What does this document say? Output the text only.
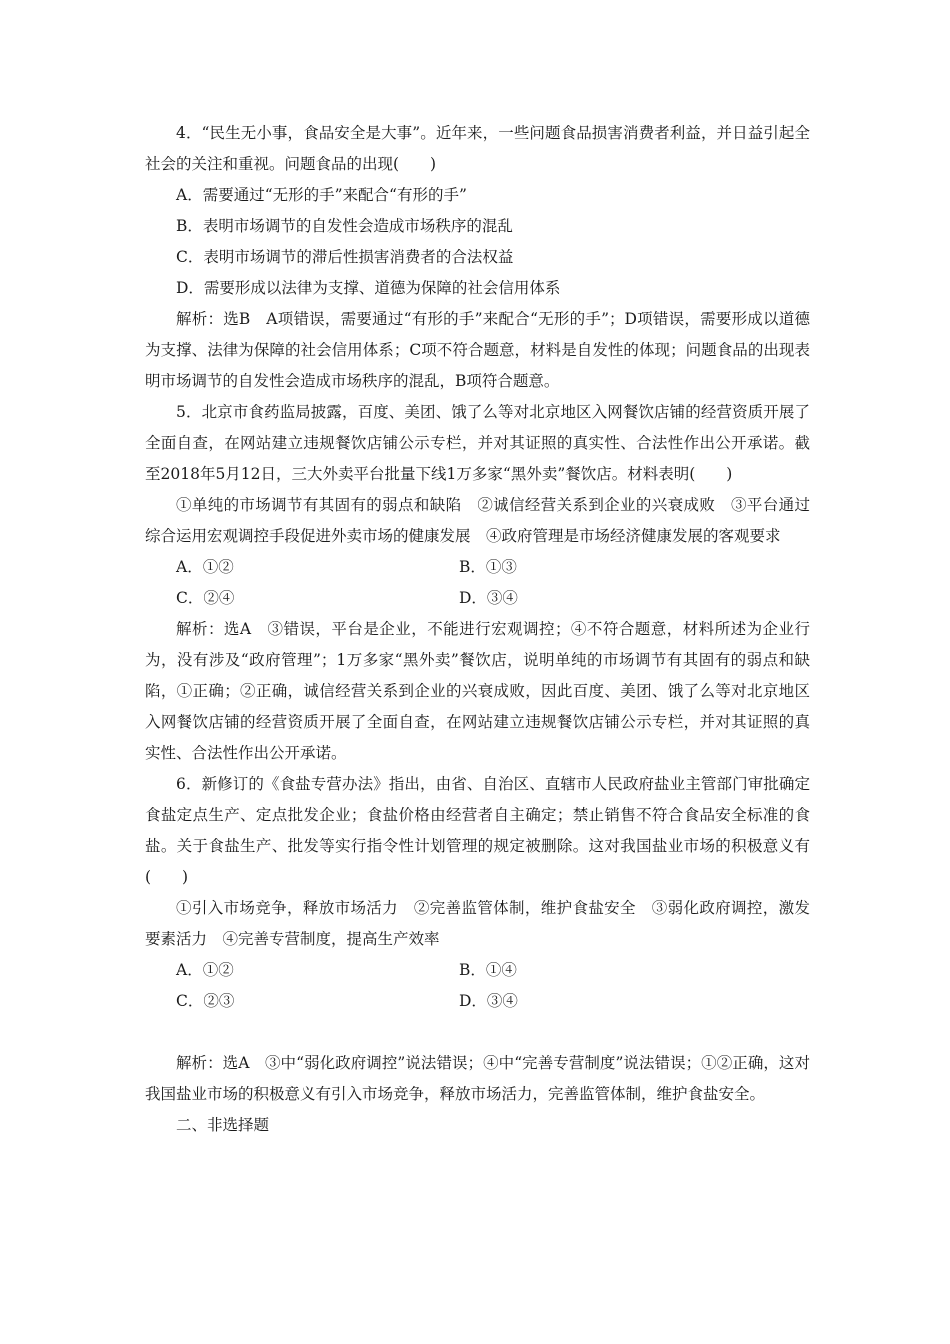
4．“民生无小事，食品安全是大事”。近年来，一些问题食品损害消费者利益，并日益引起全社会的关注和重视。问题食品的出现(　　)

A．需要通过“无形的手”来配合“有形的手”

B．表明市场调节的自发性会造成市场秩序的混乱

C．表明市场调节的滞后性损害消费者的合法权益

D．需要形成以法律为支撑、道德为保障的社会信用体系

解析：选B　A项错误，需要通过“有形的手”来配合“无形的手”；D项错误，需要形成以道德为支撑、法律为保障的社会信用体系；C项不符合题意，材料是自发性的体现；问题食品的出现表明市场调节的自发性会造成市场秩序的混乱，B项符合题意。

5．北京市食药监局披露，百度、美团、饿了么等对北京地区入网餐饮店铺的经营资质开展了全面自查，在网站建立违规餐饮店铺公示专栏，并对其证照的真实性、合法性作出公开承诺。截至2018年5月12日，三大外卖平台批量下线1万多家“黑外卖”餐饮店。材料表明(　　)

①单纯的市场调节有其固有的弱点和缺陷　②诚信经营关系到企业的兴衰成败　③平台通过综合运用宏观调控手段促进外卖市场的健康发展　④政府管理是市场经济健康发展的客观要求

A．①②	B．①③
C．②④	D．③④

解析：选A　③错误，平台是企业，不能进行宏观调控；④不符合题意，材料所述为企业行为，没有涉及“政府管理”；1万多家“黑外卖”餐饮店，说明单纯的市场调节有其固有的弱点和缺陷，①正确；②正确，诚信经营关系到企业的兴衰成败，因此百度、美团、饿了么等对北京地区入网餐饮店铺的经营资质开展了全面自查，在网站建立违规餐饮店铺公示专栏，并对其证照的真实性、合法性作出公开承诺。

6．新修订的《食盐专营办法》指出，由省、自治区、直辖市人民政府盐业主管部门审批确定食盐定点生产、定点批发企业；食盐价格由经营者自主确定；禁止销售不符合食品安全标准的食盐。关于食盐生产、批发等实行指令性计划管理的规定被删除。这对我国盐业市场的积极意义有(　　)

①引入市场竞争，释放市场活力　②完善监管体制，维护食盐安全　③弱化政府调控，激发要素活力　④完善专营制度，提高生产效率

A．①②	B．①④
C．②③	D．③④

解析：选A　③中“弱化政府调控”说法错误；④中“完善专营制度”说法错误；①②正确，这对我国盐业市场的积极意义有引入市场竞争，释放市场活力，完善监管体制，维护食盐安全。

二、非选择题
